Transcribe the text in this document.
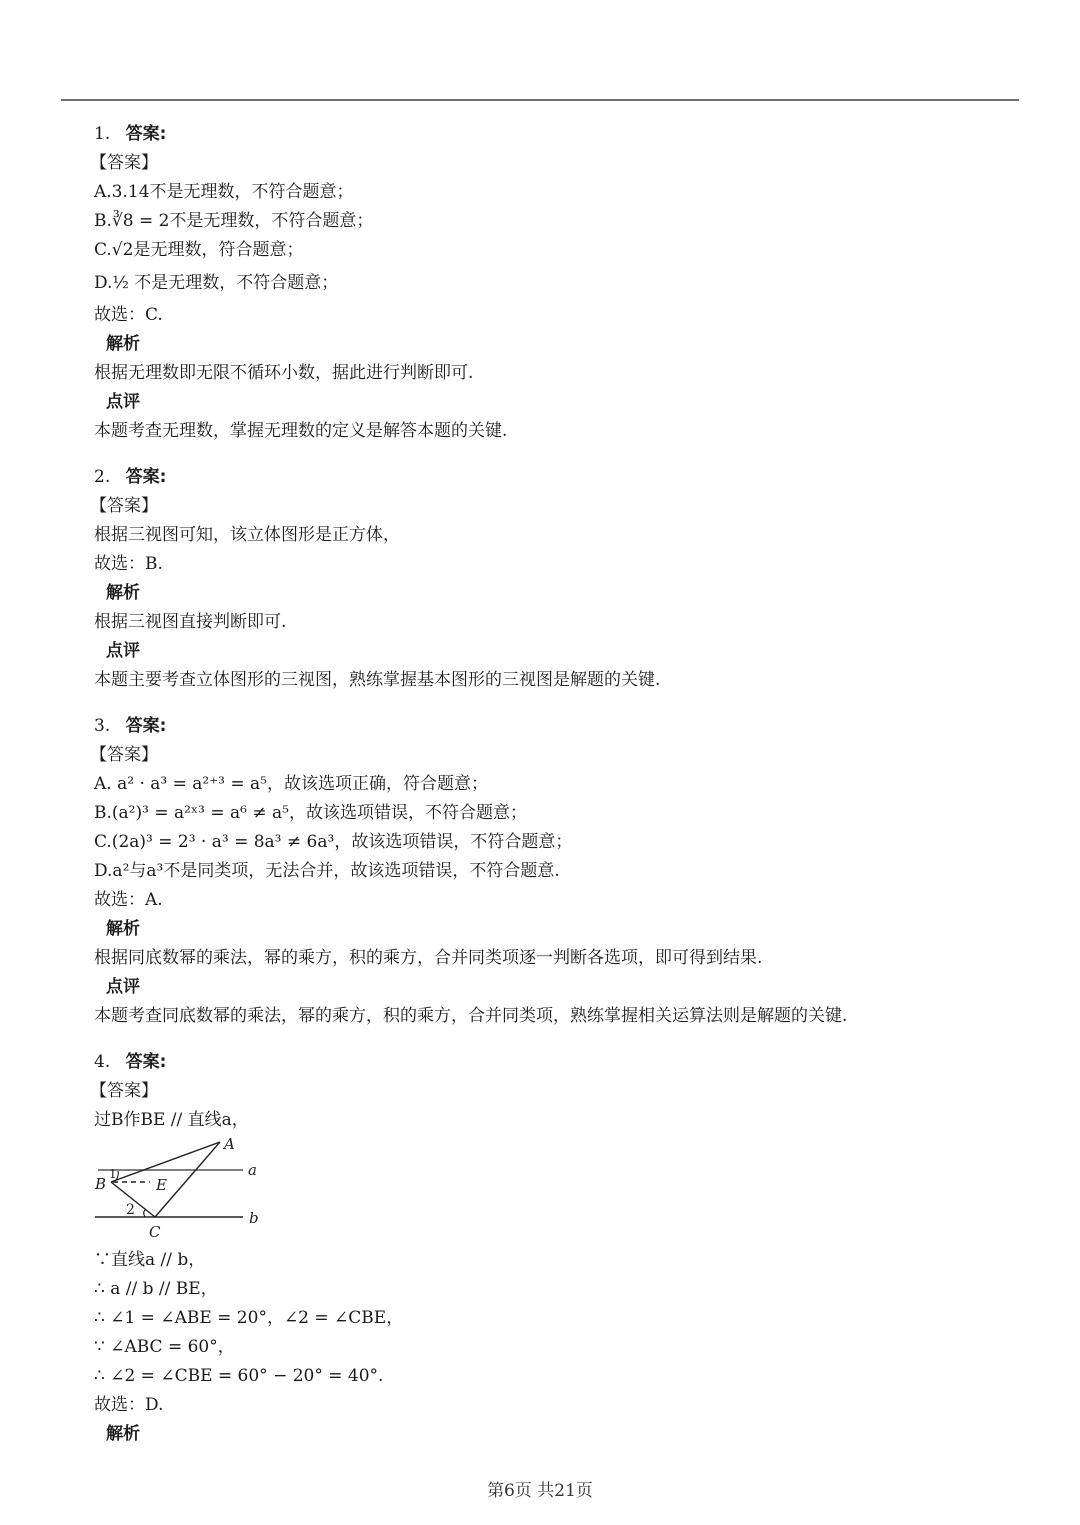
1. 答案:
【答案】
A.3.14不是无理数，不符合题意；
B.∛8 = 2不是无理数，不符合题意；
C.√2是无理数，符合题意；
D.½ 不是无理数，不符合题意；
故选：C.
解析
根据无理数即无限不循环小数，据此进行判断即可.
点评
本题考查无理数，掌握无理数的定义是解答本题的关键.
2. 答案:
【答案】
根据三视图可知，该立体图形是正方体，
故选：B.
解析
根据三视图直接判断即可.
点评
本题主要考查立体图形的三视图，熟练掌握基本图形的三视图是解题的关键.
3. 答案:
【答案】
A. a² · a³ = a²⁺³ = a⁵，故该选项正确，符合题意；
B.(a²)³ = a²ˣ³ = a⁶ ≠ a⁵，故该选项错误，不符合题意；
C.(2a)³ = 2³ · a³ = 8a³ ≠ 6a³，故该选项错误，不符合题意；
D.a²与a³不是同类项，无法合并，故该选项错误，不符合题意.
故选：A.
解析
根据同底数幂的乘法，幂的乘方，积的乘方，合并同类项逐一判断各选项，即可得到结果.
点评
本题考查同底数幂的乘法，幂的乘方，积的乘方，合并同类项，熟练掌握相关运算法则是解题的关键.
4. 答案:
【答案】
过B作BE // 直线a，
A
a
B	E
1
2	b
C
∵直线a // b，
∴ a // b // BE，
∴ ∠1 = ∠ABE = 20°，∠2 = ∠CBE，
∵ ∠ABC = 60°，
∴ ∠2 = ∠CBE = 60° − 20° = 40°.
故选：D.
解析
第6页 共21页
